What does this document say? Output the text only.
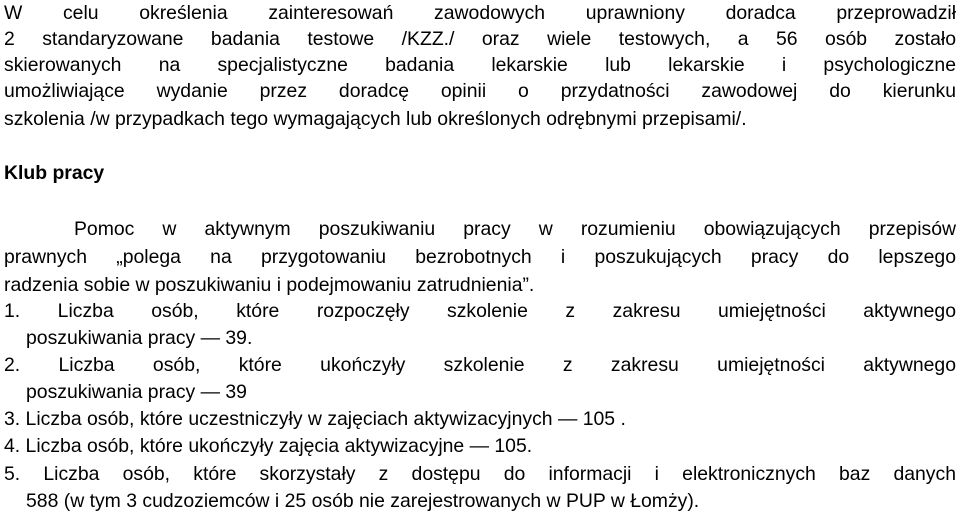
W celu określenia zainteresowań zawodowych uprawniony doradca przeprowadził
2 standaryzowane badania testowe /KZZ./ oraz wiele testowych, a 56 osób zostało
skierowanych na specjalistyczne badania lekarskie lub lekarskie i psychologiczne
umożliwiające wydanie przez doradcę opinii o przydatności zawodowej do kierunku
szkolenia /w przypadkach tego wymagających lub określonych odrębnymi przepisami/.
Klub pracy
Pomoc w aktywnym poszukiwaniu pracy w rozumieniu obowiązujących przepisów
prawnych „polega na przygotowaniu bezrobotnych i poszukujących pracy do lepszego
radzenia sobie w poszukiwaniu i podejmowaniu zatrudnienia”.
1. Liczba osób, które rozpoczęły szkolenie z zakresu umiejętności aktywnego
poszukiwania pracy — 39.
2. Liczba osób, które ukończyły szkolenie z zakresu umiejętności aktywnego
poszukiwania pracy — 39
3. Liczba osób, które uczestniczyły w zajęciach aktywizacyjnych — 105 .
4. Liczba osób, które ukończyły zajęcia aktywizacyjne — 105.
5. Liczba osób, które skorzystały z dostępu do informacji i elektronicznych baz danych
588 (w tym 3 cudzoziemców i 25 osób nie zarejestrowanych w PUP w Łomży).
